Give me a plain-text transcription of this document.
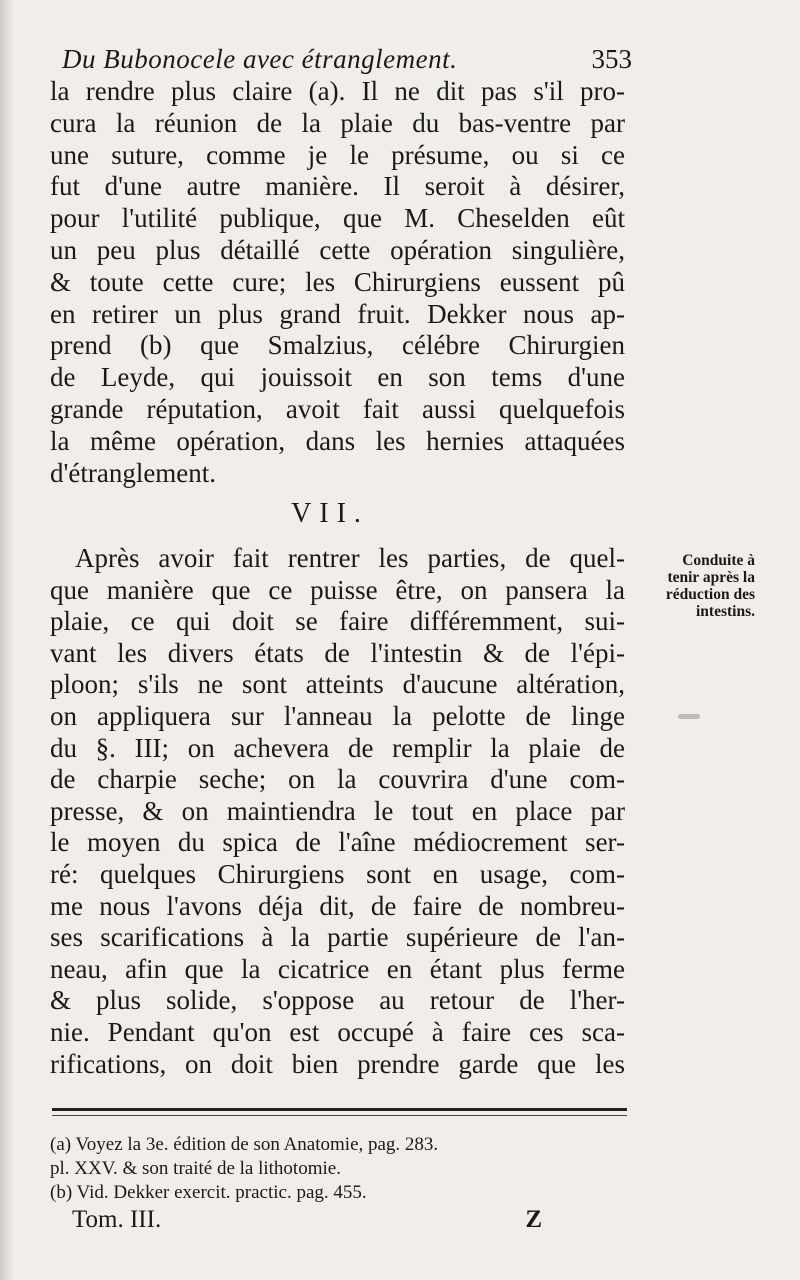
Du Bubonocele avec étranglement.	353
la rendre plus claire (a). Il ne dit pas s'il pro-
cura la réunion de la plaie du bas-ventre par
une suture, comme je le présume, ou si ce
fut d'une autre manière. Il seroit à désirer,
pour l'utilité publique, que M. Cheselden eût
un peu plus détaillé cette opération singulière,
& toute cette cure; les Chirurgiens eussent pû
en retirer un plus grand fruit. Dekker nous ap-
prend (b) que Smalzius, célébre Chirurgien
de Leyde, qui jouissoit en son tems d'une
grande réputation, avoit fait aussi quelquefois
la même opération, dans les hernies attaquées
d'étranglement.
VII.
Après avoir fait rentrer les parties, de quel-
que manière que ce puisse être, on pansera la
plaie, ce qui doit se faire différemment, sui-
vant les divers états de l'intestin & de l'épi-
ploon; s'ils ne sont atteints d'aucune altération,
on appliquera sur l'anneau la pelotte de linge
du §. III; on achevera de remplir la plaie de
de charpie seche; on la couvrira d'une com-
presse, & on maintiendra le tout en place par
le moyen du spica de l'aîne médiocrement ser-
ré: quelques Chirurgiens sont en usage, com-
me nous l'avons déja dit, de faire de nombreu-
ses scarifications à la partie supérieure de l'an-
neau, afin que la cicatrice en étant plus ferme
& plus solide, s'oppose au retour de l'her-
nie. Pendant qu'on est occupé à faire ces sca-
rifications, on doit bien prendre garde que les
Conduite à
tenir après la
réduction des
intestins.
(a) Voyez la 3e. édition de son Anatomie, pag. 283.
pl. XXV. & son traité de la lithotomie.
(b) Vid. Dekker exercit. practic. pag. 455.
Tom. III.	Z
